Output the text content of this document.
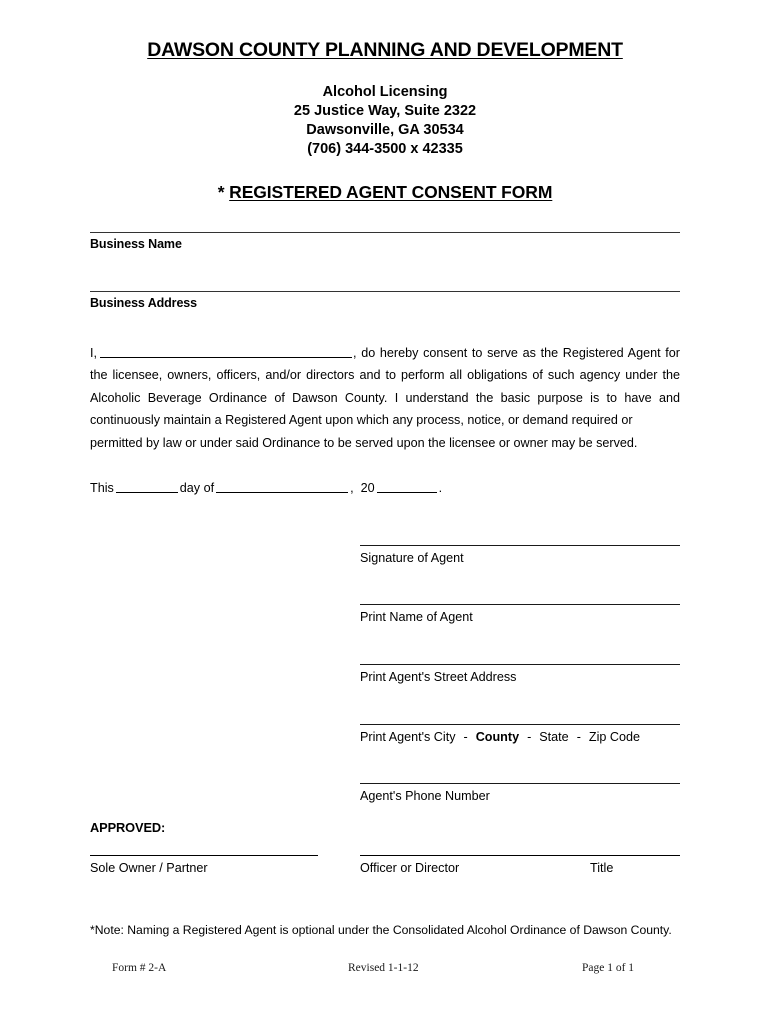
DAWSON COUNTY PLANNING AND DEVELOPMENT
Alcohol Licensing
25 Justice Way, Suite 2322
Dawsonville, GA 30534
(706) 344-3500 x 42335
* REGISTERED AGENT CONSENT FORM
Business Name
Business Address
I,	, do hereby consent to serve as the Registered Agent for the licensee, owners, officers, and/or directors and to perform all obligations of such agency under the Alcoholic Beverage Ordinance of Dawson County. I understand the basic purpose is to have and continuously maintain a Registered Agent upon which any process, notice, or demand required or
permitted by law or under said Ordinance to be served upon the licensee or owner may be served.
This	day of	, 20	.
Signature of Agent
Print Name of Agent
Print Agent's Street Address
Print Agent's City - County - State - Zip Code
Agent's Phone Number
APPROVED:
Sole Owner / Partner	Officer or Director	Title
*Note: Naming a Registered Agent is optional under the Consolidated Alcohol Ordinance of Dawson County.
Form # 2-A	Revised 1-1-12	Page 1 of 1
